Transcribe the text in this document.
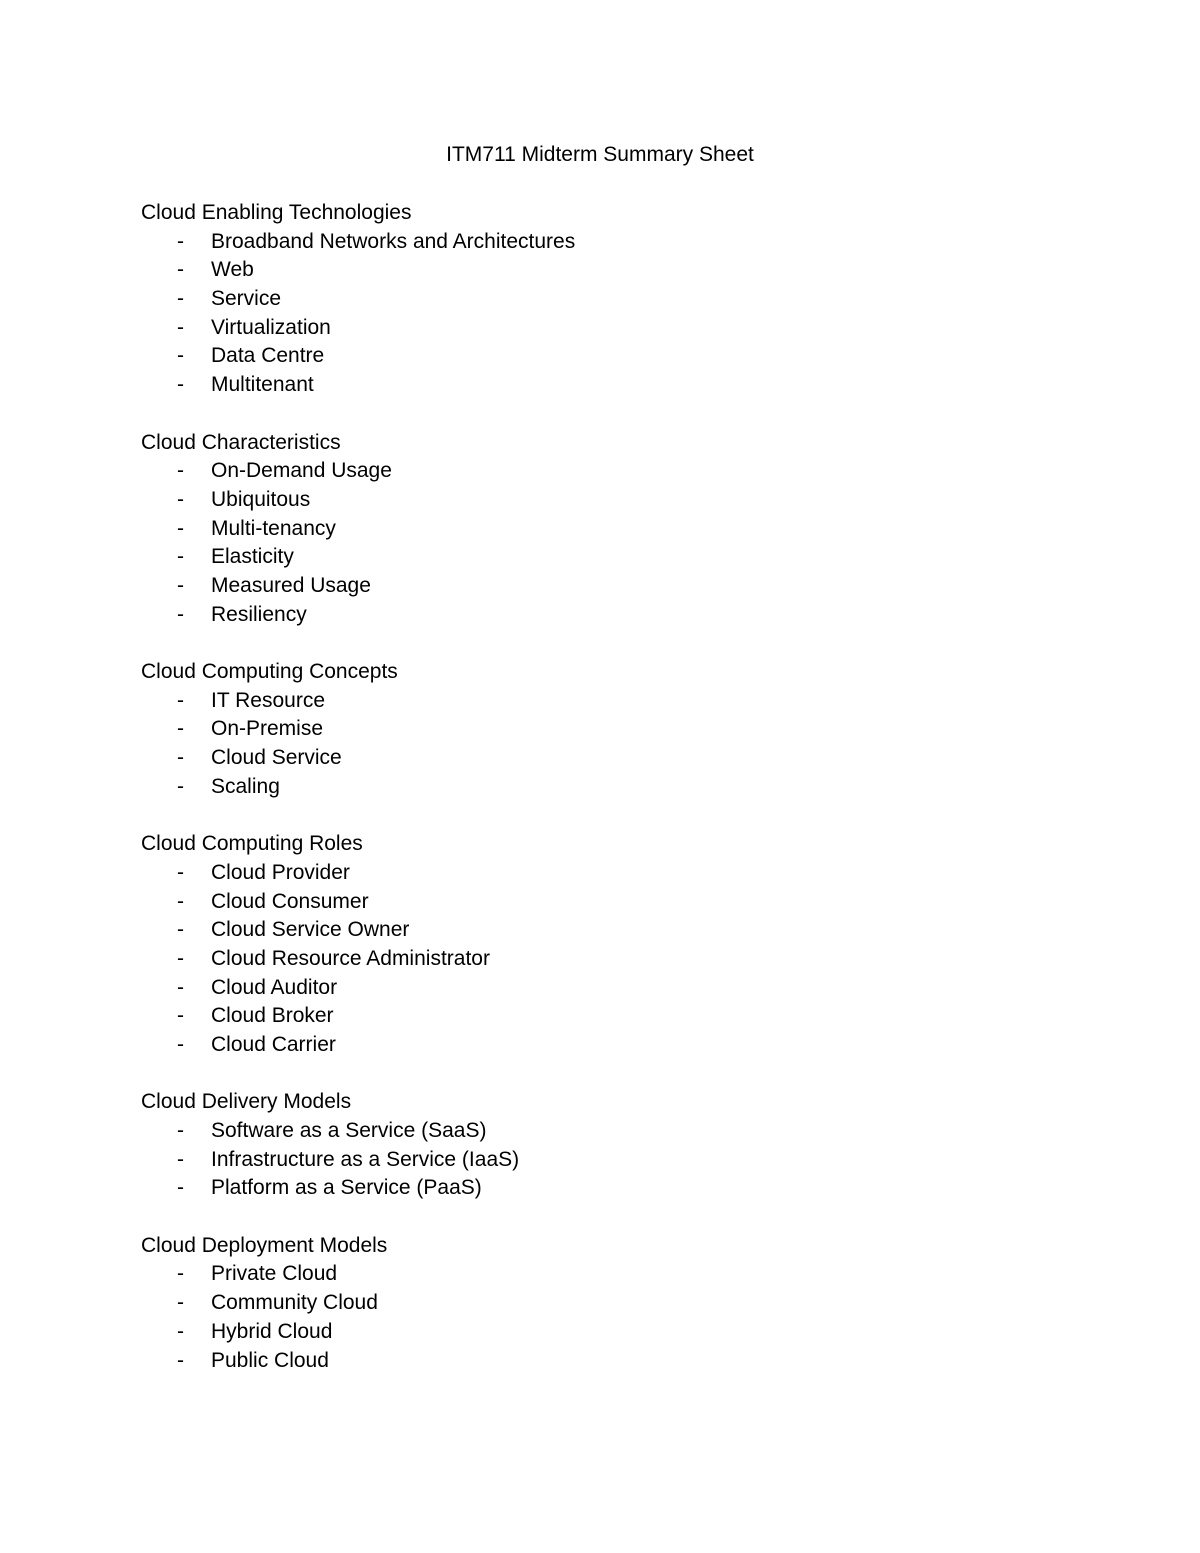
ITM711 Midterm Summary Sheet
Cloud Enabling Technologies
- Broadband Networks and Architectures
- Web
- Service
- Virtualization
- Data Centre
- Multitenant
Cloud Characteristics
- On-Demand Usage
- Ubiquitous
- Multi-tenancy
- Elasticity
- Measured Usage
- Resiliency
Cloud Computing Concepts
- IT Resource
- On-Premise
- Cloud Service
- Scaling
Cloud Computing Roles
- Cloud Provider
- Cloud Consumer
- Cloud Service Owner
- Cloud Resource Administrator
- Cloud Auditor
- Cloud Broker
- Cloud Carrier
Cloud Delivery Models
- Software as a Service (SaaS)
- Infrastructure as a Service (IaaS)
- Platform as a Service (PaaS)
Cloud Deployment Models
- Private Cloud
- Community Cloud
- Hybrid Cloud
- Public Cloud
